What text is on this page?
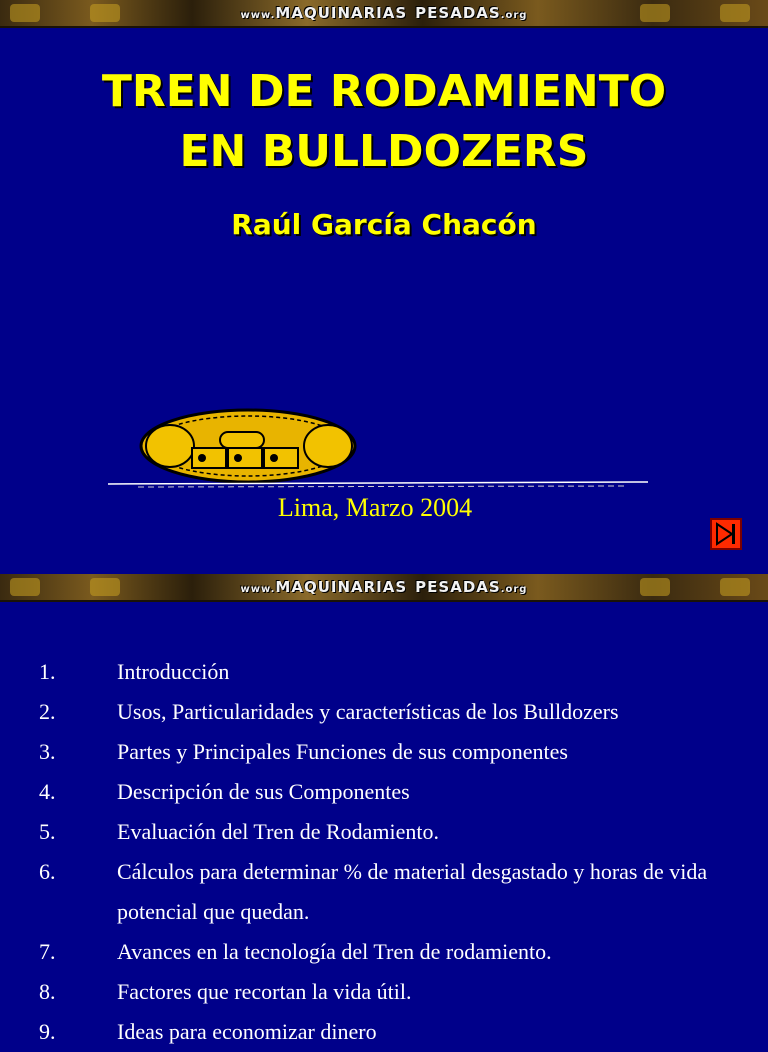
www.MAQUINARIAS PESADAS.org
TREN DE RODAMIENTO
EN BULLDOZERS
Raúl García Chacón
Lima, Marzo 2004
www.MAQUINARIAS PESADAS.org
1.	Introducción
2.	Usos, Particularidades y características de los Bulldozers
3.	Partes y Principales Funciones de sus componentes
4.	Descripción de sus Componentes
5.	Evaluación del Tren de Rodamiento.
6.	Cálculos para determinar % de material desgastado y horas de vida potencial que quedan.
7.	Avances en la tecnología del Tren de rodamiento.
8.	Factores que recortan la vida útil.
9.	Ideas para economizar dinero
